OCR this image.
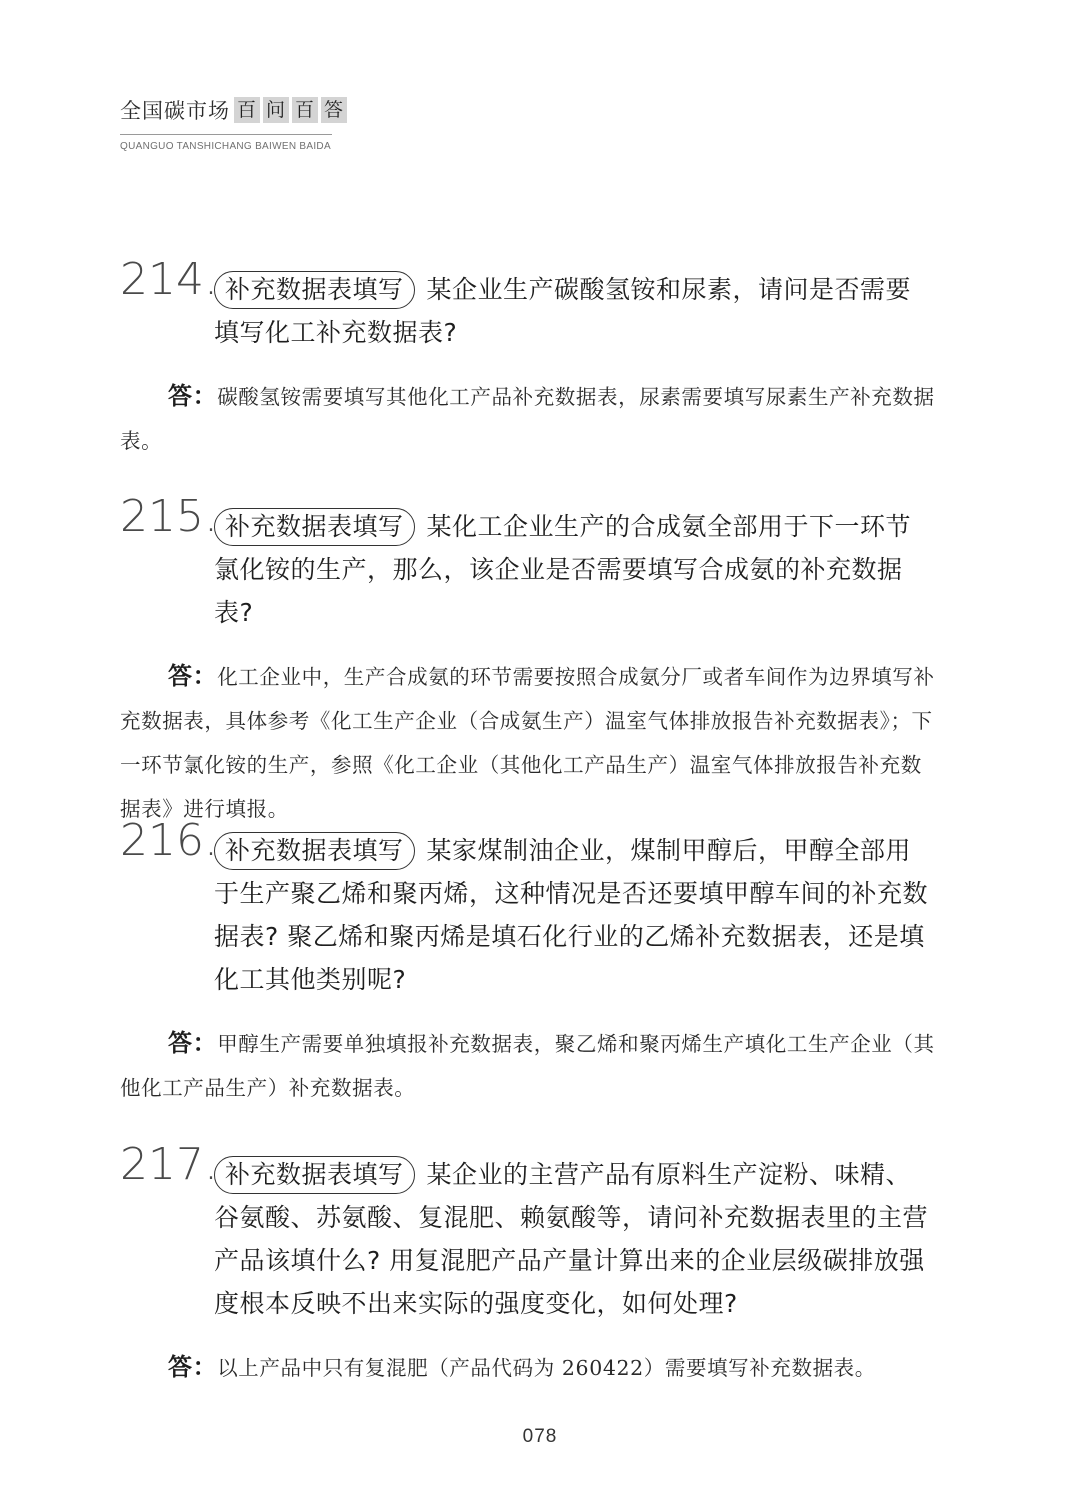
全国碳市场 百 问 百 答
QUANGUO TANSHICHANG BAIWEN BAIDA
214. 补充数据表填写 某企业生产碳酸氢铵和尿素，请问是否需要填写化工补充数据表?
答：碳酸氢铵需要填写其他化工产品补充数据表，尿素需要填写尿素生产补充数据表。
215. 补充数据表填写 某化工企业生产的合成氨全部用于下一环节氯化铵的生产，那么，该企业是否需要填写合成氨的补充数据表?
答：化工企业中，生产合成氨的环节需要按照合成氨分厂或者车间作为边界填写补充数据表，具体参考《化工生产企业（合成氨生产）温室气体排放报告补充数据表》；下一环节氯化铵的生产，参照《化工企业（其他化工产品生产）温室气体排放报告补充数据表》进行填报。
216. 补充数据表填写 某家煤制油企业，煤制甲醇后，甲醇全部用于生产聚乙烯和聚丙烯，这种情况是否还要填甲醇车间的补充数据表? 聚乙烯和聚丙烯是填石化行业的乙烯补充数据表，还是填化工其他类别呢?
答：甲醇生产需要单独填报补充数据表，聚乙烯和聚丙烯生产填化工生产企业（其他化工产品生产）补充数据表。
217. 补充数据表填写 某企业的主营产品有原料生产淀粉、味精、谷氨酸、苏氨酸、复混肥、赖氨酸等，请问补充数据表里的主营产品该填什么? 用复混肥产品产量计算出来的企业层级碳排放强度根本反映不出来实际的强度变化，如何处理?
答：以上产品中只有复混肥（产品代码为 260422）需要填写补充数据表。
078
